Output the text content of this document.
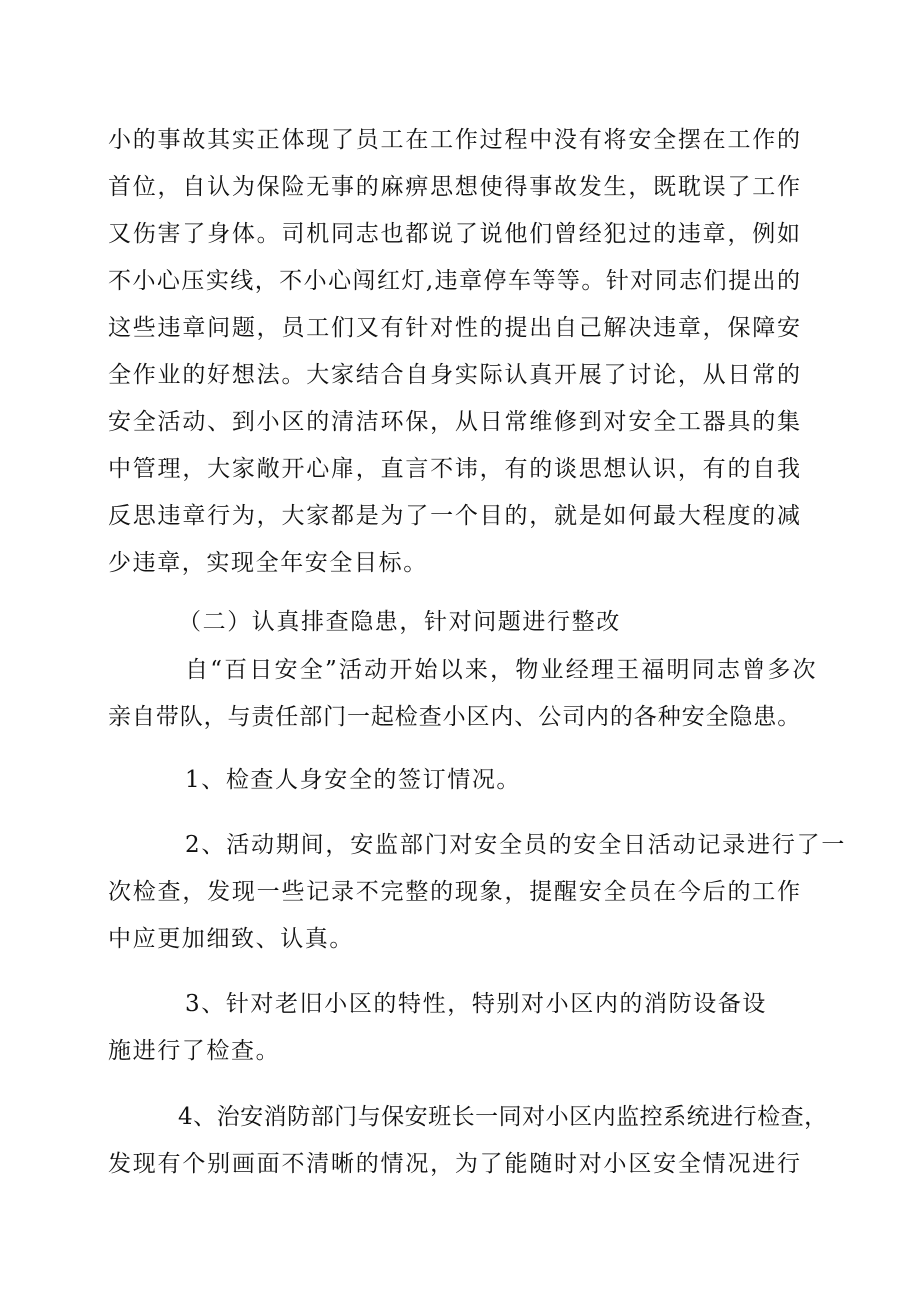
小的事故其实正体现了员工在工作过程中没有将安全摆在工作的
首位，自认为保险无事的麻痹思想使得事故发生，既耽误了工作
又伤害了身体。司机同志也都说了说他们曾经犯过的违章，例如
不小心压实线，不小心闯红灯,违章停车等等。针对同志们提出的
这些违章问题，员工们又有针对性的提出自己解决违章，保障安
全作业的好想法。大家结合自身实际认真开展了讨论，从日常的
安全活动、到小区的清洁环保，从日常维修到对安全工器具的集
中管理，大家敞开心扉，直言不讳，有的谈思想认识，有的自我
反思违章行为，大家都是为了一个目的，就是如何最大程度的减
少违章，实现全年安全目标。
（二）认真排查隐患，针对问题进行整改
自“百日安全”活动开始以来，物业经理王福明同志曾多次
亲自带队，与责任部门一起检查小区内、公司内的各种安全隐患。
1、检查人身安全的签订情况。
2、活动期间，安监部门对安全员的安全日活动记录进行了一
次检查，发现一些记录不完整的现象，提醒安全员在今后的工作
中应更加细致、认真。
3、针对老旧小区的特性，特别对小区内的消防设备设
施进行了检查。
4、治安消防部门与保安班长一同对小区内监控系统进行检查，
发现有个别画面不清晰的情况，为了能随时对小区安全情况进行
